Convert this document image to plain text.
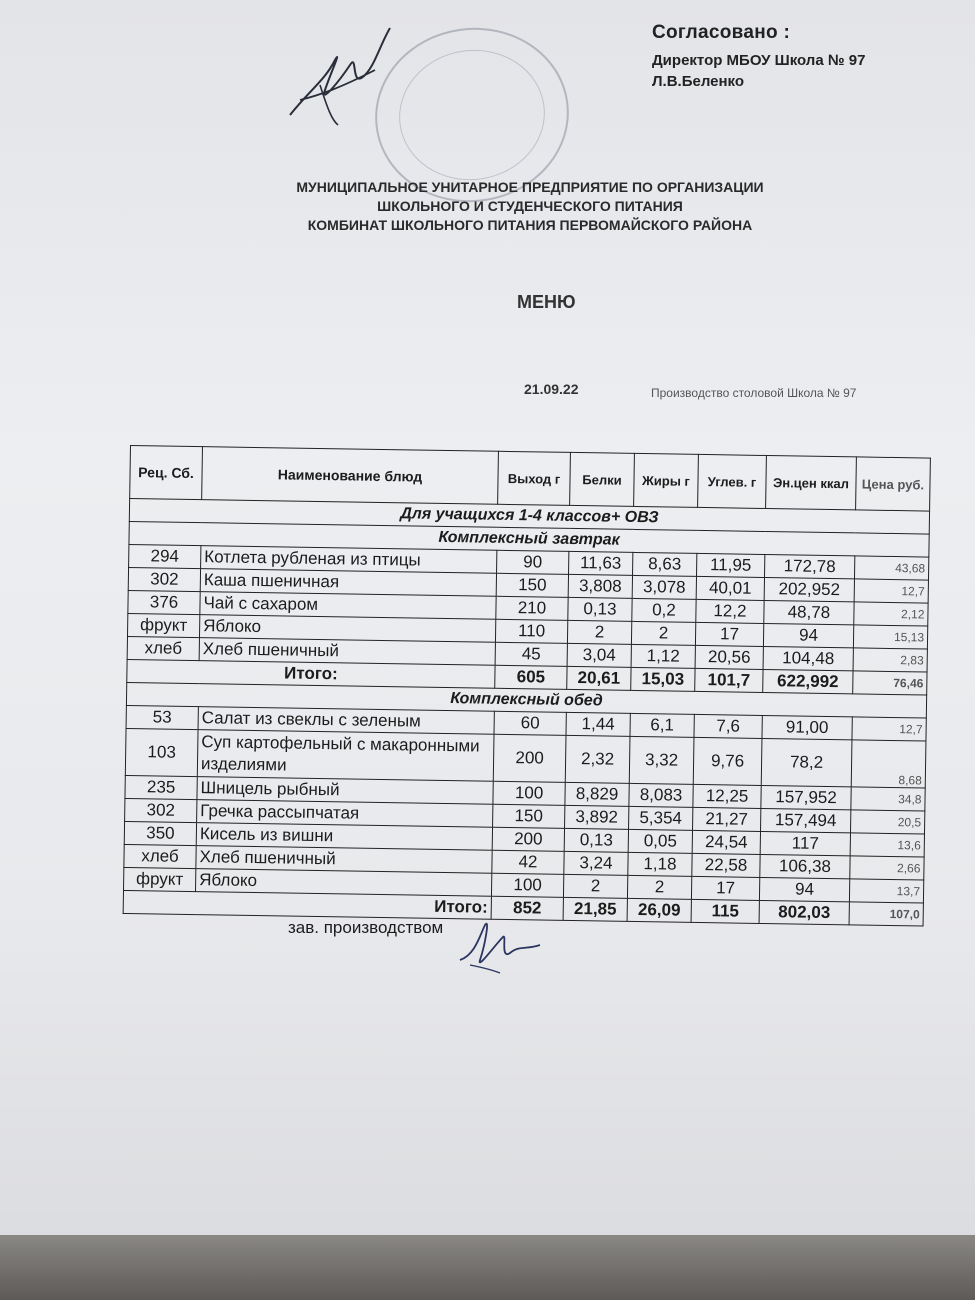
Согласовано :
Директор МБОУ Школа № 97
Л.В.Беленко
МУНИЦИПАЛЬНОЕ УНИТАРНОЕ ПРЕДПРИЯТИЕ ПО ОРГАНИЗАЦИИ
ШКОЛЬНОГО И СТУДЕНЧЕСКОГО ПИТАНИЯ
КОМБИНАТ ШКОЛЬНОГО ПИТАНИЯ ПЕРВОМАЙСКОГО РАЙОНА
МЕНЮ
21.09.22	Производство столовой Школа № 97
Рец. Сб.	Наименование блюд	Выход г	Белки	Жиры г	Углев. г	Эн.цен ккал	Цена руб.
Для учащихся 1-4 классов+ ОВЗ							
Комплексный завтрак							
294	Котлета рубленая из птицы	90	11,63	8,63	11,95	172,78	43,68
302	Каша пшеничная	150	3,808	3,078	40,01	202,952	12,7
376	Чай с сахаром	210	0,13	0,2	12,2	48,78	2,12
фрукт	Яблоко	110	2	2	17	94	15,13
хлеб	Хлеб пшеничный	45	3,04	1,12	20,56	104,48	2,83
Итого:		605	20,61	15,03	101,7	622,992	76,46
Комплексный обед							
53	Салат из свеклы с зеленым	60	1,44	6,1	7,6	91,00	12,7
103	Суп картофельный с макаронными изделиями	200	2,32	3,32	9,76	78,2	8,68
235	Шницель рыбный	100	8,829	8,083	12,25	157,952	34,8
302	Гречка рассыпчатая	150	3,892	5,354	21,27	157,494	20,5
350	Кисель из вишни	200	0,13	0,05	24,54	117	13,6
хлеб	Хлеб пшеничный	42	3,24	1,18	22,58	106,38	2,66
фрукт	Яблоко	100	2	2	17	94	13,7
Итого:		852	21,85	26,09	115	802,03	107,0
зав. производством
